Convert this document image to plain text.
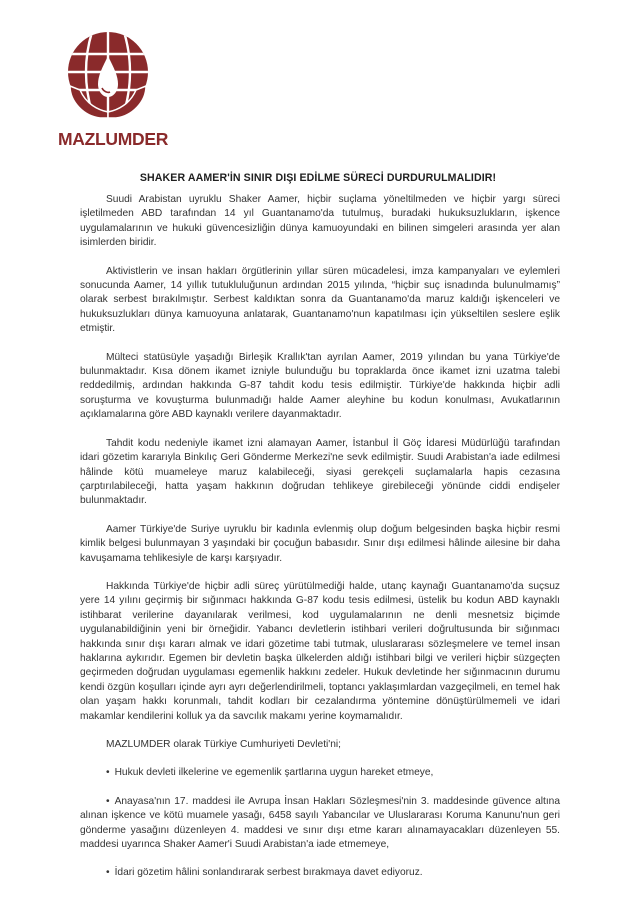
MAZLUMDER
SHAKER AAMER'İN SINIR DIŞI EDİLME SÜRECİ DURDURULMALIDIR!

Suudi Arabistan uyruklu Shaker Aamer, hiçbir suçlama yöneltilmeden ve hiçbir yargı süreci işletilmeden ABD tarafından 14 yıl Guantanamo'da tutulmuş, buradaki hukuksuzlukların, işkence uygulamalarının ve hukuki güvencesizliğin dünya kamuoyundaki en bilinen simgeleri arasında yer alan isimlerden biridir.

Aktivistlerin ve insan hakları örgütlerinin yıllar süren mücadelesi, imza kampanyaları ve eylemleri sonucunda Aamer, 14 yıllık tutukluluğunun ardından 2015 yılında, “hiçbir suç isnadında bulunulmamış” olarak serbest bırakılmıştır. Serbest kaldıktan sonra da Guantanamo'da maruz kaldığı işkenceleri ve hukuksuzlukları dünya kamuoyuna anlatarak, Guantanamo'nun kapatılması için yükseltilen seslere eşlik etmiştir.

Mülteci statüsüyle yaşadığı Birleşik Krallık'tan ayrılan Aamer, 2019 yılından bu yana Türkiye'de bulunmaktadır. Kısa dönem ikamet izniyle bulunduğu bu topraklarda önce ikamet izni uzatma talebi reddedilmiş, ardından hakkında G-87 tahdit kodu tesis edilmiştir. Türkiye'de hakkında hiçbir adli soruşturma ve kovuşturma bulunmadığı halde Aamer aleyhine bu kodun konulması, Avukatlarının açıklamalarına göre ABD kaynaklı verilere dayanmaktadır.

Tahdit kodu nedeniyle ikamet izni alamayan Aamer, İstanbul İl Göç İdaresi Müdürlüğü tarafından idari gözetim kararıyla Binkılıç Geri Gönderme Merkezi'ne sevk edilmiştir. Suudi Arabistan'a iade edilmesi hâlinde kötü muameleye maruz kalabileceği, siyasi gerekçeli suçlamalarla hapis cezasına çarptırılabileceği, hatta yaşam hakkının doğrudan tehlikeye girebileceği yönünde ciddi endişeler bulunmaktadır.

Aamer Türkiye'de Suriye uyruklu bir kadınla evlenmiş olup doğum belgesinden başka hiçbir resmi kimlik belgesi bulunmayan 3 yaşındaki bir çocuğun babasıdır. Sınır dışı edilmesi hâlinde ailesine bir daha kavuşamama tehlikesiyle de karşı karşıyadır.

Hakkında Türkiye'de hiçbir adli süreç yürütülmediği halde, utanç kaynağı Guantanamo'da suçsuz yere 14 yılını geçirmiş bir sığınmacı hakkında G-87 kodu tesis edilmesi, üstelik bu kodun ABD kaynaklı istihbarat verilerine dayanılarak verilmesi, kod uygulamalarının ne denli mesnetsiz biçimde uygulanabildiğinin yeni bir örneğidir. Yabancı devletlerin istihbari verileri doğrultusunda bir sığınmacı hakkında sınır dışı kararı almak ve idari gözetime tabi tutmak, uluslararası sözleşmelere ve temel insan haklarına aykırıdır. Egemen bir devletin başka ülkelerden aldığı istihbari bilgi ve verileri hiçbir süzgeçten geçirmeden doğrudan uygulaması egemenlik hakkını zedeler. Hukuk devletinde her sığınmacının durumu kendi özgün koşulları içinde ayrı ayrı değerlendirilmeli, toptancı yaklaşımlardan vazgeçilmeli, en temel hak olan yaşam hakkı korunmalı, tahdit kodları bir cezalandırma yöntemine dönüştürülmemeli ve idari makamlar kendilerini kolluk ya da savcılık makamı yerine koymamalıdır.

MAZLUMDER olarak Türkiye Cumhuriyeti Devleti'ni;

• Hukuk devleti ilkelerine ve egemenlik şartlarına uygun hareket etmeye,

• Anayasa'nın 17. maddesi ile Avrupa İnsan Hakları Sözleşmesi'nin 3. maddesinde güvence altına alınan işkence ve kötü muamele yasağı, 6458 sayılı Yabancılar ve Uluslararası Koruma Kanunu'nun geri gönderme yasağını düzenleyen 4. maddesi ve sınır dışı etme kararı alınamayacakları düzenleyen 55. maddesi uyarınca Shaker Aamer'i Suudi Arabistan'a iade etmemeye,

• İdari gözetim hâlini sonlandırarak serbest bırakmaya davet ediyoruz.
